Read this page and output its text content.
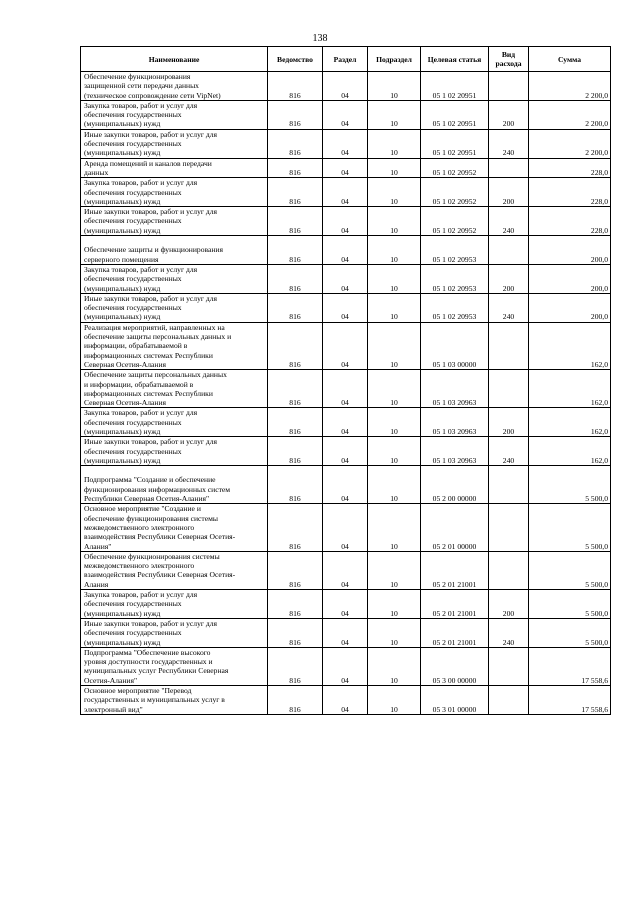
138
Наименование	Ведомство	Раздел	Подраздел	Целевая статья	Вид расхода	Сумма
Обеспечение функционирования
защищенной сети передачи данных
(техническое сопровождение сети VipNet)	816	04	10	05 1 02 20951		2 200,0
Закупка товаров, работ и услуг для
обеспечения государственных
(муниципальных) нужд	816	04	10	05 1 02 20951	200	2 200,0
Иные закупки товаров, работ и услуг для
обеспечения государственных
(муниципальных) нужд	816	04	10	05 1 02 20951	240	2 200,0
Аренда помещений и каналов передачи
данных	816	04	10	05 1 02 20952		228,0
Закупка товаров, работ и услуг для
обеспечения государственных
(муниципальных) нужд	816	04	10	05 1 02 20952	200	228,0
Иные закупки товаров, работ и услуг для
обеспечения государственных
(муниципальных) нужд	816	04	10	05 1 02 20952	240	228,0

Обеспечение защиты и функционирования
серверного помещения	816	04	10	05 1 02 20953		200,0
Закупка товаров, работ и услуг для
обеспечения государственных
(муниципальных) нужд	816	04	10	05 1 02 20953	200	200,0
Иные закупки товаров, работ и услуг для
обеспечения государственных
(муниципальных) нужд	816	04	10	05 1 02 20953	240	200,0
Реализация мероприятий, направленных на
обеспечение защиты персональных данных и
информации, обрабатываемой в
информационных системах Республики
Северная Осетия-Алания	816	04	10	05 1 03 00000		162,0
Обеспечение защиты персональных данных
и информации, обрабатываемой в
информационных системах Республики
Северная Осетия-Алания	816	04	10	05 1 03 20963		162,0
Закупка товаров, работ и услуг для
обеспечения государственных
(муниципальных) нужд	816	04	10	05 1 03 20963	200	162,0
Иные закупки товаров, работ и услуг для
обеспечения государственных
(муниципальных) нужд	816	04	10	05 1 03 20963	240	162,0

Подпрограмма "Создание и обеспечение
функционирования информационных систем
Республики Северная Осетия-Алания"	816	04	10	05 2 00 00000		5 500,0
Основное мероприятие "Создание и
обеспечение функционирования системы
межведомственного электронного
взаимодействия Республики Северная Осетия-
Алания"	816	04	10	05 2 01 00000		5 500,0
Обеспечение функционирования системы
межведомственного электронного
взаимодействия Республики Северная Осетия-
Алания	816	04	10	05 2 01 21001		5 500,0
Закупка товаров, работ и услуг для
обеспечения государственных
(муниципальных) нужд	816	04	10	05 2 01 21001	200	5 500,0
Иные закупки товаров, работ и услуг для
обеспечения государственных
(муниципальных) нужд	816	04	10	05 2 01 21001	240	5 500,0
Подпрограмма "Обеспечение высокого
уровня доступности государственных и
муниципальных услуг Республики Северная
Осетия-Алания"	816	04	10	05 3 00 00000		17 558,6
Основное мероприятие "Перевод
государственных и муниципальных услуг в
электронный вид"	816	04	10	05 3 01 00000		17 558,6
